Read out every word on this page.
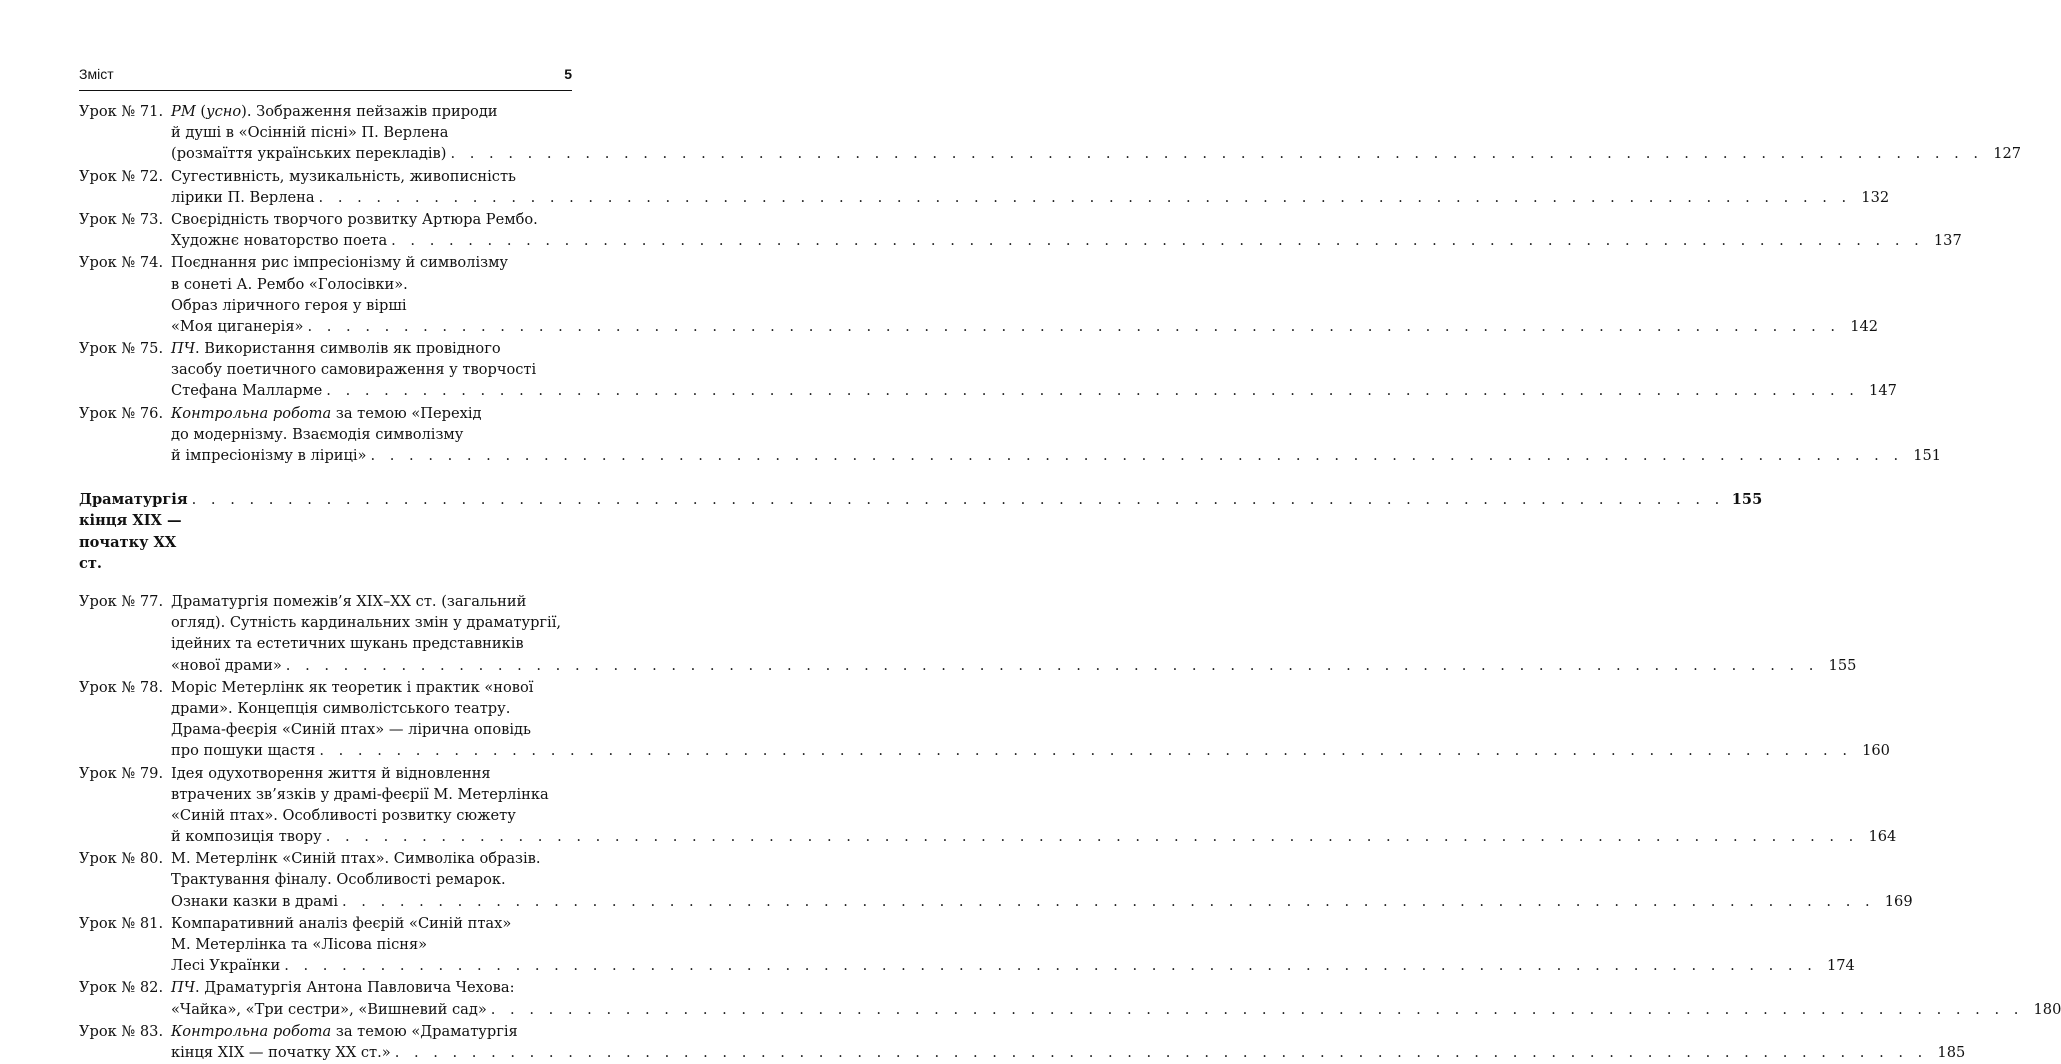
Зміст	5
Урок № 71. РМ (усно). Зображення пейзажів природи
й душі в «Осінній пісні» П. Верлена
(розмаїття українських перекладів) . . . . . . . . . . . . . . . . . . . . . . . . . . . . . . . . . . . . . . . . . . . . . . . . . . . . . . . . . . . . . . . . . . . . . . . . . . . . . . . . 127
Урок № 72. Сугестивність, музикальність, живописність
лірики П. Верлена . . . . . . . . . . . . . . . . . . . . . . . . . . . . . . . . . . . . . . . . . . . . . . . . . . . . . . . . . . . . . . . . . . . . . . . . . . . . . . . . 132
Урок № 73. Своєрідність творчого розвитку Артюра Рембо.
Художнє новаторство поета . . . . . . . . . . . . . . . . . . . . . . . . . . . . . . . . . . . . . . . . . . . . . . . . . . . . . . . . . . . . . . . . . . . . . . . . . . . . . . . . 137
Урок № 74. Поєднання рис імпресіонізму й символізму
в сонеті А. Рембо «Голосівки».
Образ ліричного героя у вірші
«Моя циганерія» . . . . . . . . . . . . . . . . . . . . . . . . . . . . . . . . . . . . . . . . . . . . . . . . . . . . . . . . . . . . . . . . . . . . . . . . . . . . . . . . 142
Урок № 75. ПЧ. Використання символів як провідного
засобу поетичного самовираження у творчості
Стефана Малларме . . . . . . . . . . . . . . . . . . . . . . . . . . . . . . . . . . . . . . . . . . . . . . . . . . . . . . . . . . . . . . . . . . . . . . . . . . . . . . . . 147
Урок № 76. Контрольна робота за темою «Перехід
до модернізму. Взаємодія символізму
й імпресіонізму в ліриці» . . . . . . . . . . . . . . . . . . . . . . . . . . . . . . . . . . . . . . . . . . . . . . . . . . . . . . . . . . . . . . . . . . . . . . . . . . . . . . . . 151
Драматургія кінця XIX — початку XX ст.
. . . . . . . . . . . . . . . . . . . . . . . . . . . . . . . . . . . . . . . . . . . . . . . . . . . . . . . . . . . . . . . . . . . . . . . . . . . . . . . . 155
Урок № 77. Драматургія пoмежів’я XIX–XX ст. (загальний
огляд). Сутність кардинальних змін у драматургії,
ідейних та естетичних шукань представників
«нової драми» . . . . . . . . . . . . . . . . . . . . . . . . . . . . . . . . . . . . . . . . . . . . . . . . . . . . . . . . . . . . . . . . . . . . . . . . . . . . . . . . 155
Урок № 78. Моріс Метерлінк як теоретик і практик «нової
драми». Концепція символістського театру.
Драма-феєрія «Синій птах» — лірична оповідь
про пошуки щастя . . . . . . . . . . . . . . . . . . . . . . . . . . . . . . . . . . . . . . . . . . . . . . . . . . . . . . . . . . . . . . . . . . . . . . . . . . . . . . . . 160
Урок № 79. Ідея одухотворення життя й відновлення
втрачених зв’язків у драмі-феєрії М. Метерлінка
«Синій птах». Особливості розвитку сюжету
й композиція твору . . . . . . . . . . . . . . . . . . . . . . . . . . . . . . . . . . . . . . . . . . . . . . . . . . . . . . . . . . . . . . . . . . . . . . . . . . . . . . . . 164
Урок № 80. М. Метерлінк «Синій птах». Символіка образів.
Трактування фіналу. Особливості ремарок.
Ознаки казки в драмі . . . . . . . . . . . . . . . . . . . . . . . . . . . . . . . . . . . . . . . . . . . . . . . . . . . . . . . . . . . . . . . . . . . . . . . . . . . . . . . . 169
Урок № 81. Компаративний аналіз феєрій «Синій птах»
М. Метерлінка та «Лісова пісня»
Лесі Українки . . . . . . . . . . . . . . . . . . . . . . . . . . . . . . . . . . . . . . . . . . . . . . . . . . . . . . . . . . . . . . . . . . . . . . . . . . . . . . . . 174
Урок № 82. ПЧ. Драматургія Антона Павловича Чехова:
«Чайка», «Три сестри», «Вишневий сад» . . . . . . . . . . . . . . . . . . . . . . . . . . . . . . . . . . . . . . . . . . . . . . . . . . . . . . . . . . . . . . . . . . . . . . . . . . . . . . . . 180
Урок № 83. Контрольна робота за темою «Драматургія
кінця XIX — початку XX ст.» . . . . . . . . . . . . . . . . . . . . . . . . . . . . . . . . . . . . . . . . . . . . . . . . . . . . . . . . . . . . . . . . . . . . . . . . . . . . . . . . 185
